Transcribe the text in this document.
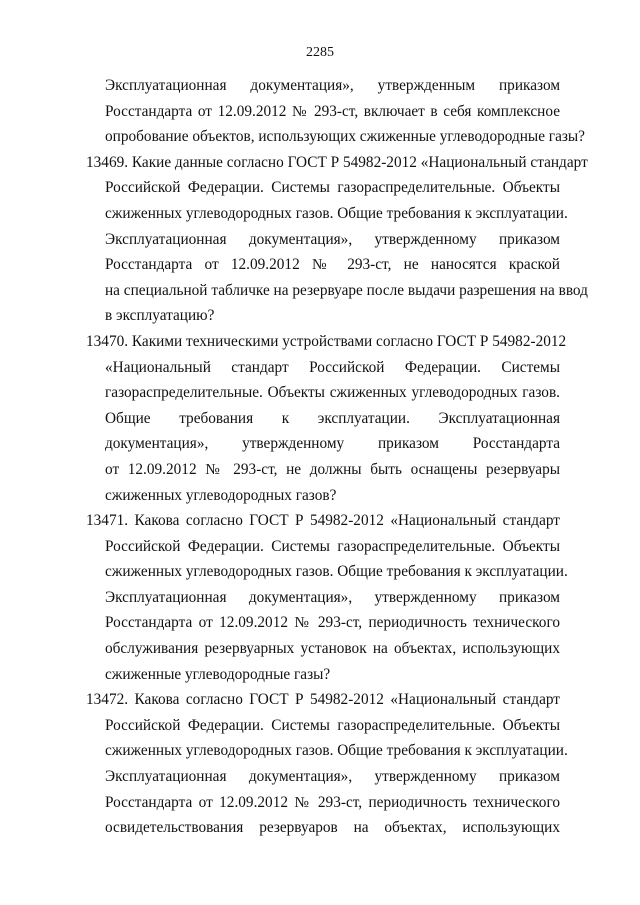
2285
Эксплуатационная документация», утвержденным приказом
Росстандарта от 12.09.2012 № 293-ст, включает в себя комплексное
опробование объектов, использующих сжиженные углеводородные газы?
13469. Какие данные согласно ГОСТ Р 54982-2012 «Национальный стандарт
Российской Федерации. Системы газораспределительные. Объекты
сжиженных углеводородных газов. Общие требования к эксплуатации.
Эксплуатационная документация», утвержденному приказом
Росстандарта от 12.09.2012 № 293-ст, не наносятся краской
на специальной табличке на резервуаре после выдачи разрешения на ввод
в эксплуатацию?
13470. Какими техническими устройствами согласно ГОСТ Р 54982-2012
«Национальный стандарт Российской Федерации. Системы
газораспределительные. Объекты сжиженных углеводородных газов.
Общие требования к эксплуатации. Эксплуатационная
документация», утвержденному приказом Росстандарта
от 12.09.2012 № 293-ст, не должны быть оснащены резервуары
сжиженных углеводородных газов?
13471. Какова согласно ГОСТ Р 54982-2012 «Национальный стандарт
Российской Федерации. Системы газораспределительные. Объекты
сжиженных углеводородных газов. Общие требования к эксплуатации.
Эксплуатационная документация», утвержденному приказом
Росстандарта от 12.09.2012 № 293-ст, периодичность технического
обслуживания резервуарных установок на объектах, использующих
сжиженные углеводородные газы?
13472. Какова согласно ГОСТ Р 54982-2012 «Национальный стандарт
Российской Федерации. Системы газораспределительные. Объекты
сжиженных углеводородных газов. Общие требования к эксплуатации.
Эксплуатационная документация», утвержденному приказом
Росстандарта от 12.09.2012 № 293-ст, периодичность технического
освидетельствования резервуаров на объектах, использующих
